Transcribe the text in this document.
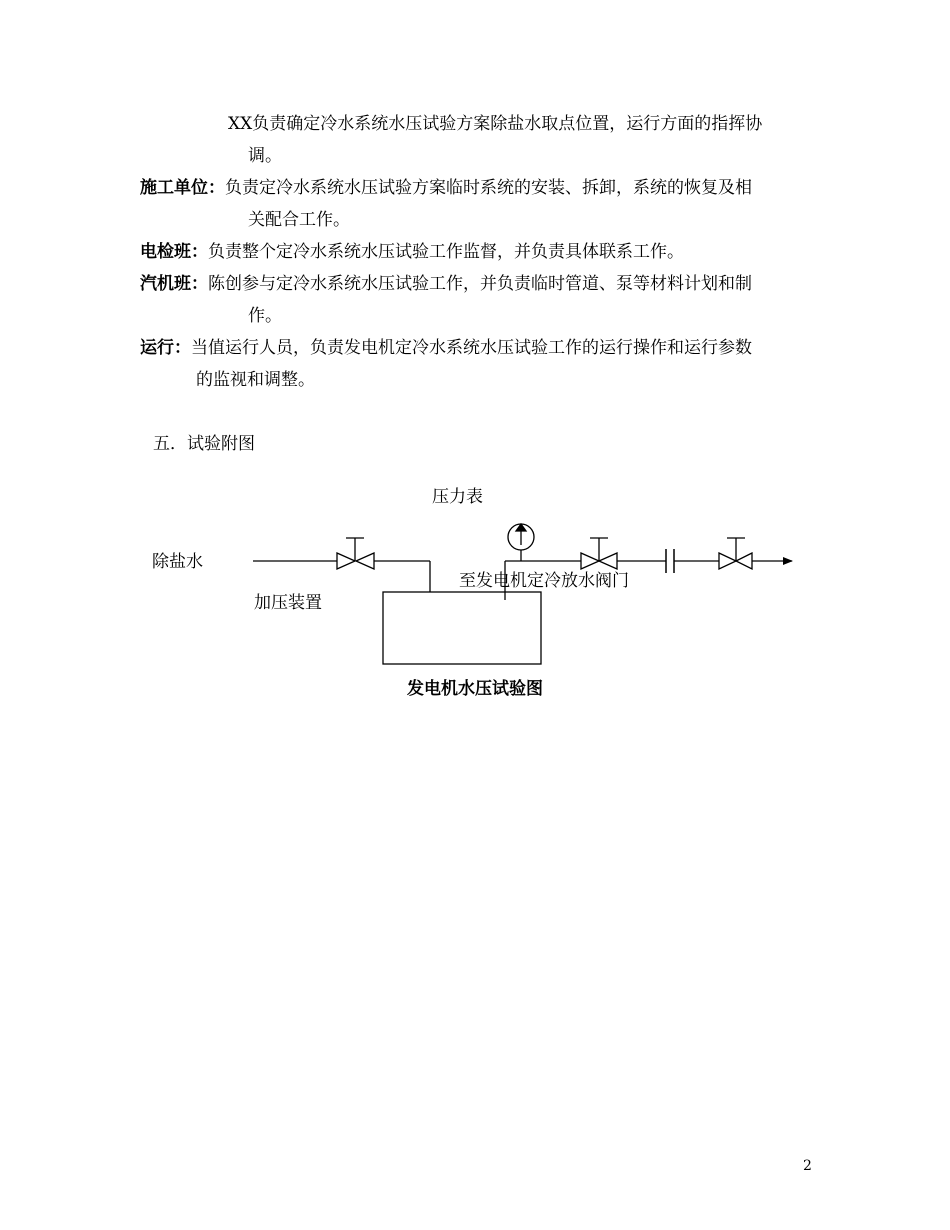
XX负责确定冷水系统水压试验方案除盐水取点位置，运行方面的指挥协
调。
施工单位：负责定冷水系统水压试验方案临时系统的安装、拆卸，系统的恢复及相
关配合工作。
电检班：负责整个定冷水系统水压试验工作监督，并负责具体联系工作。
汽机班：陈创参与定冷水系统水压试验工作，并负责临时管道、泵等材料计划和制
作。
运行：当值运行人员，负责发电机定冷水系统水压试验工作的运行操作和运行参数
的监视和调整。
五．试验附图
压力表
除盐水
加压装置
至发电机定冷放水阀门
发电机水压试验图
2
